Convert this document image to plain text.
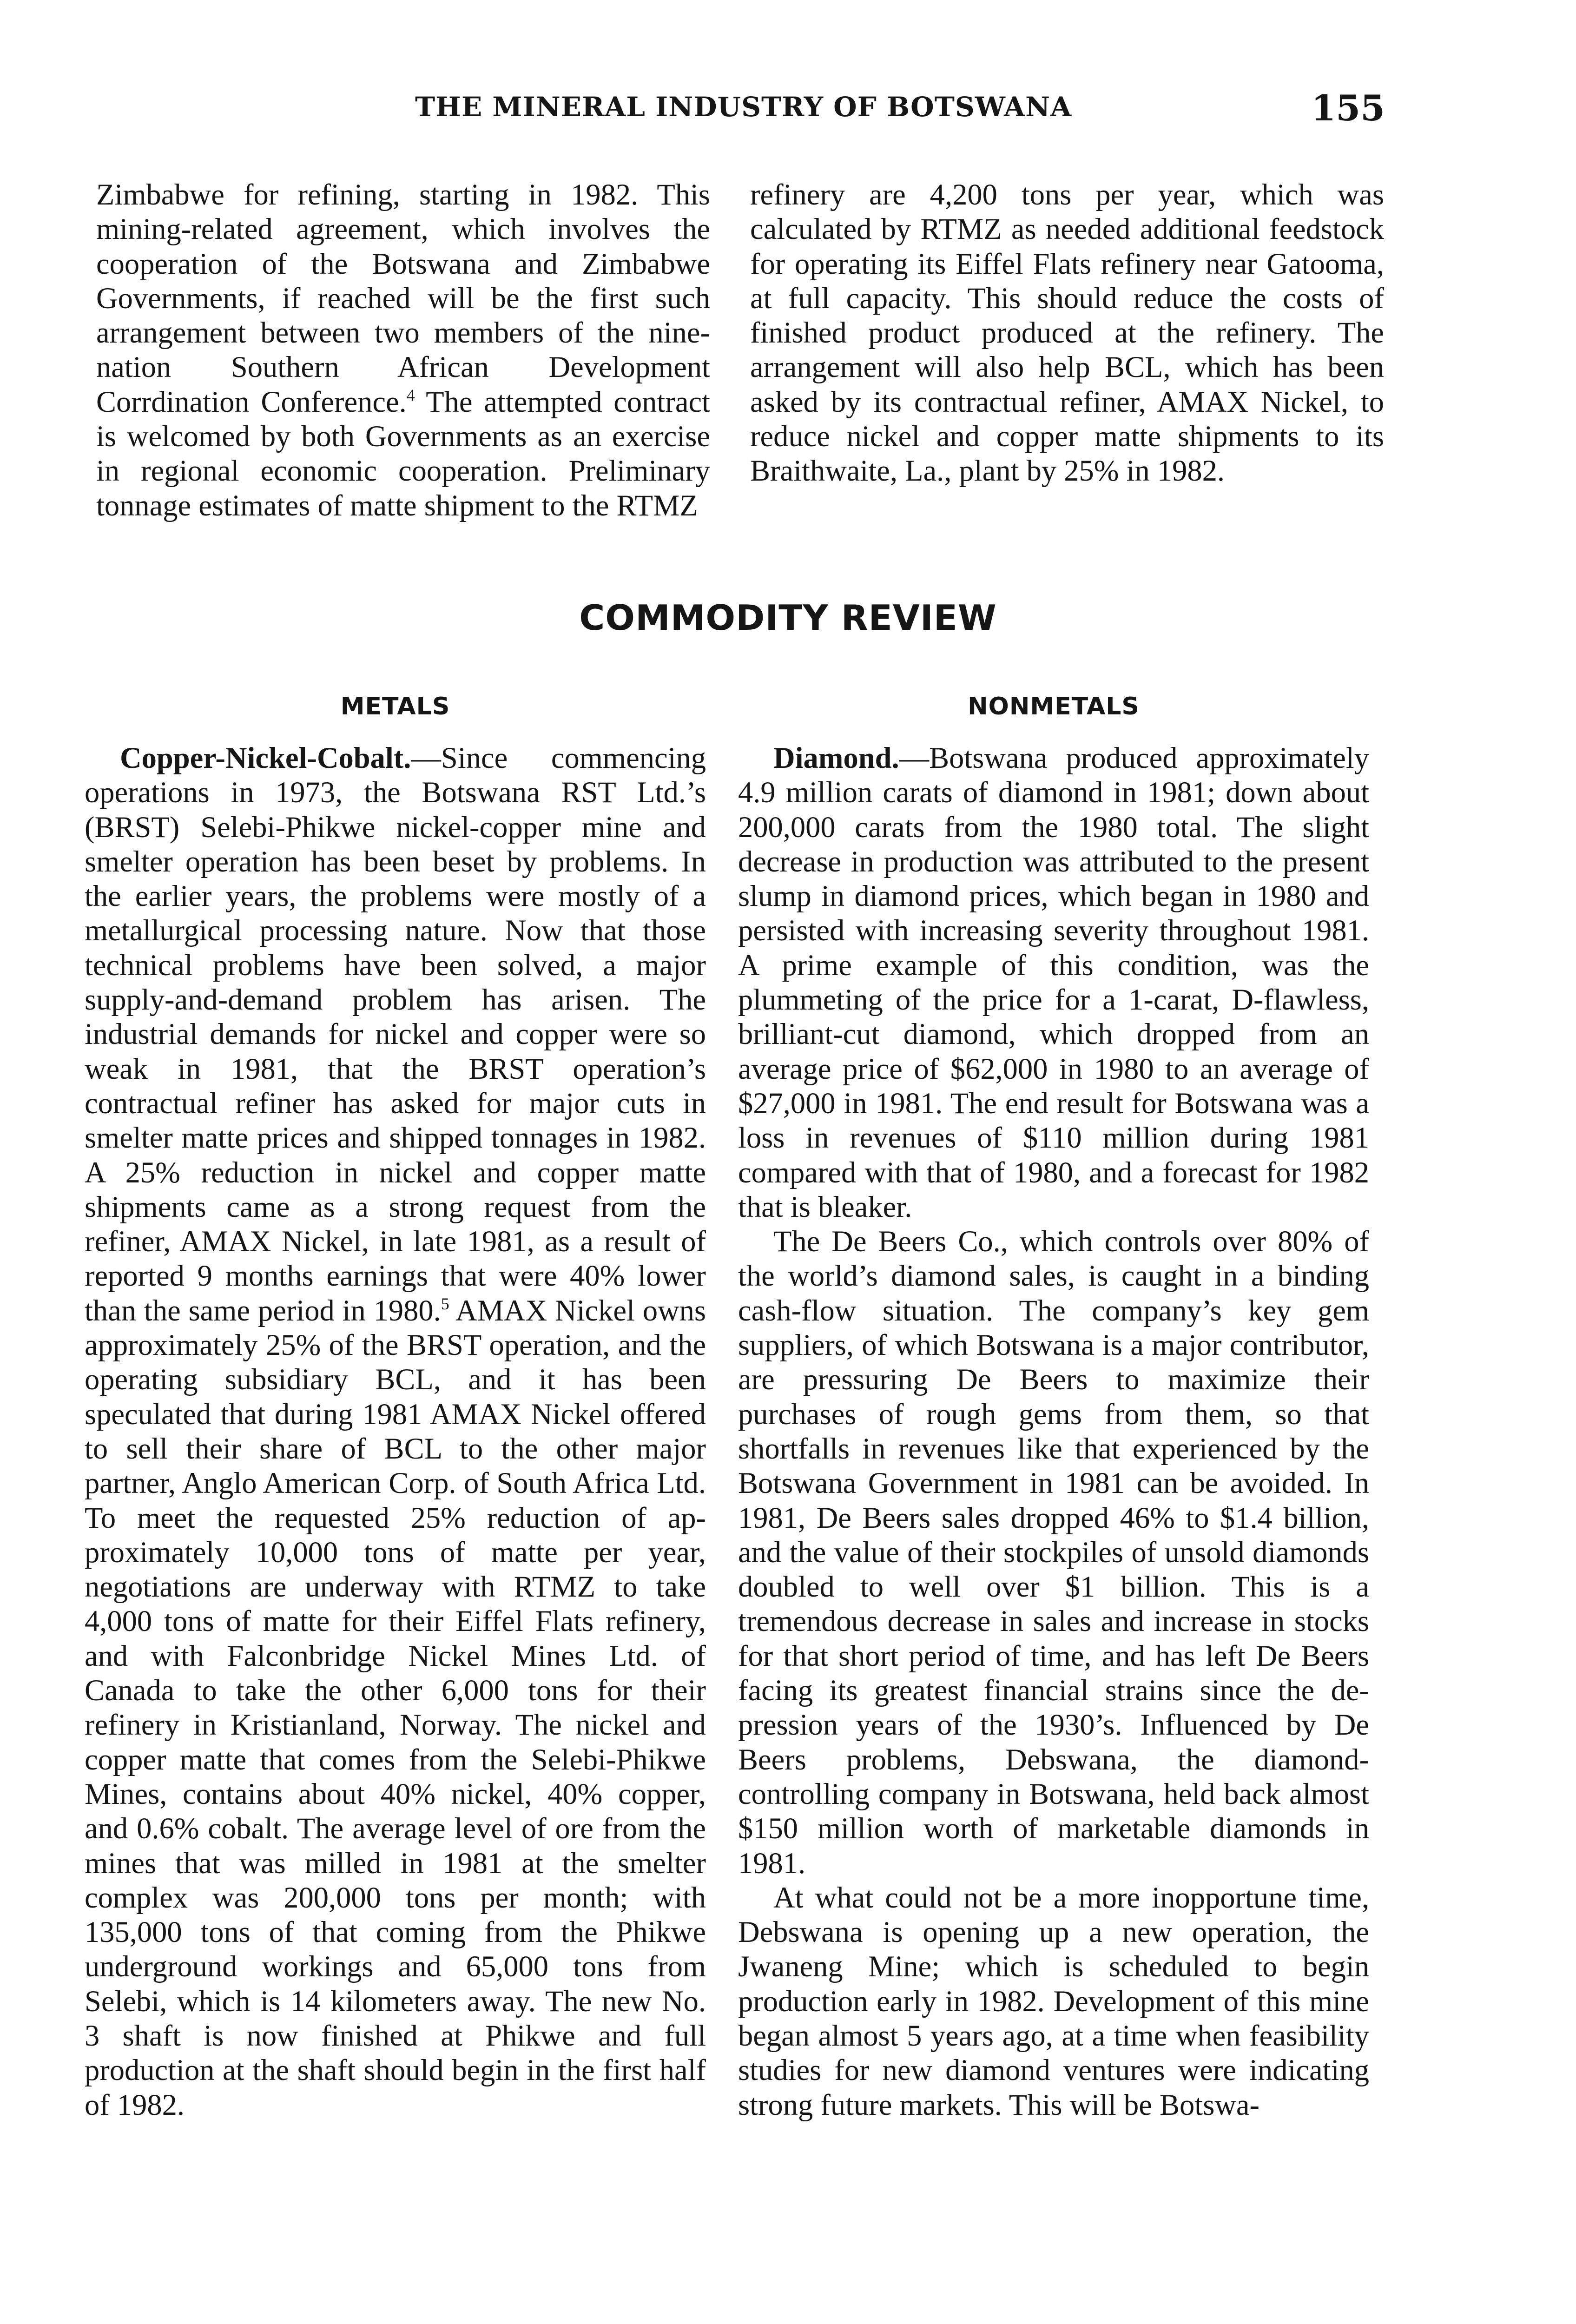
THE MINERAL INDUSTRY OF BOTSWANA	155

Zimbabwe for refining, starting in 1982. This mining-related agreement, which involves the cooperation of the Botswana and Zimbabwe Governments, if reached will be the first such arrangement between two members of the nine-nation Southern African Development Corrdination Conference.$^4$ The attempted contract is welcomed by both Governments as an exercise in regional economic cooperation. Preliminary tonnage estimates of matte shipment to the RTMZ

refinery are 4,200 tons per year, which was calculated by RTMZ as needed additional feedstock for operating its Eiffel Flats refinery near Gatooma, at full capacity. This should reduce the costs of finished product produced at the refinery. The arrangement will also help BCL, which has been asked by its contractual refiner, AMAX Nickel, to reduce nickel and copper matte shipments to its Braithwaite, La., plant by 25% in 1982.

COMMODITY REVIEW
METALS	NONMETALS

Copper-Nickel-Cobalt.—Since commencing operations in 1973, the Botswana RST Ltd.’s (BRST) Selebi-Phikwe nickel-copper mine and smelter operation has been beset by problems. In the earlier years, the problems were mostly of a metallurgical processing nature. Now that those technical problems have been solved, a major supply-and-demand problem has arisen. The industrial demands for nickel and copper were so weak in 1981, that the BRST operation’s contractual refiner has asked for major cuts in smelter matte prices and shipped tonnages in 1982. A 25% reduction in nickel and copper matte shipments came as a strong request from the refiner, AMAX Nickel, in late 1981, as a result of reported 9 months earnings that were 40% lower than the same period in 1980.$^5$ AMAX Nickel owns approximately 25% of the BRST operation, and the operating subsidiary BCL, and it has been speculated that during 1981 AMAX Nickel offered to sell their share of BCL to the other major partner, Anglo American Corp. of South Africa Ltd. To meet the requested 25% reduction of approximately 10,000 tons of matte per year, negotiations are underway with RTMZ to take 4,000 tons of matte for their Eiffel Flats refinery, and with Falconbridge Nickel Mines Ltd. of Canada to take the other 6,000 tons for their refinery in Kristianland, Norway. The nickel and copper matte that comes from the Selebi-Phikwe Mines, contains about 40% nickel, 40% copper, and 0.6% cobalt. The average level of ore from the mines that was milled in 1981 at the smelter complex was 200,000 tons per month; with 135,000 tons of that coming from the Phikwe underground workings and 65,000 tons from Selebi, which is 14 kilometers away. The new No. 3 shaft is now finished at Phikwe and full production at the shaft should begin in the first half of 1982.

Diamond.—Botswana produced approximately 4.9 million carats of diamond in 1981; down about 200,000 carats from the 1980 total. The slight decrease in production was attributed to the present slump in diamond prices, which began in 1980 and persisted with increasing severity throughout 1981. A prime example of this condition, was the plummeting of the price for a 1-carat, D-flawless, brilliant-cut diamond, which dropped from an average price of $62,000 in 1980 to an average of $27,000 in 1981. The end result for Botswana was a loss in revenues of $110 million during 1981 compared with that of 1980, and a forecast for 1982 that is bleaker.

The De Beers Co., which controls over 80% of the world’s diamond sales, is caught in a binding cash-flow situation. The company’s key gem suppliers, of which Botswana is a major contributor, are pressuring De Beers to maximize their purchases of rough gems from them, so that shortfalls in revenues like that experienced by the Botswana Government in 1981 can be avoided. In 1981, De Beers sales dropped 46% to $1.4 billion, and the value of their stockpiles of unsold diamonds doubled to well over $1 billion. This is a tremendous decrease in sales and increase in stocks for that short period of time, and has left De Beers facing its greatest financial strains since the depression years of the 1930’s. Influenced by De Beers problems, Debswana, the diamond-controlling company in Botswana, held back almost $150 million worth of marketable diamonds in 1981.

At what could not be a more inopportune time, Debswana is opening up a new operation, the Jwaneng Mine; which is scheduled to begin production early in 1982. Development of this mine began almost 5 years ago, at a time when feasibility studies for new diamond ventures were indicating strong future markets. This will be Botswa-
